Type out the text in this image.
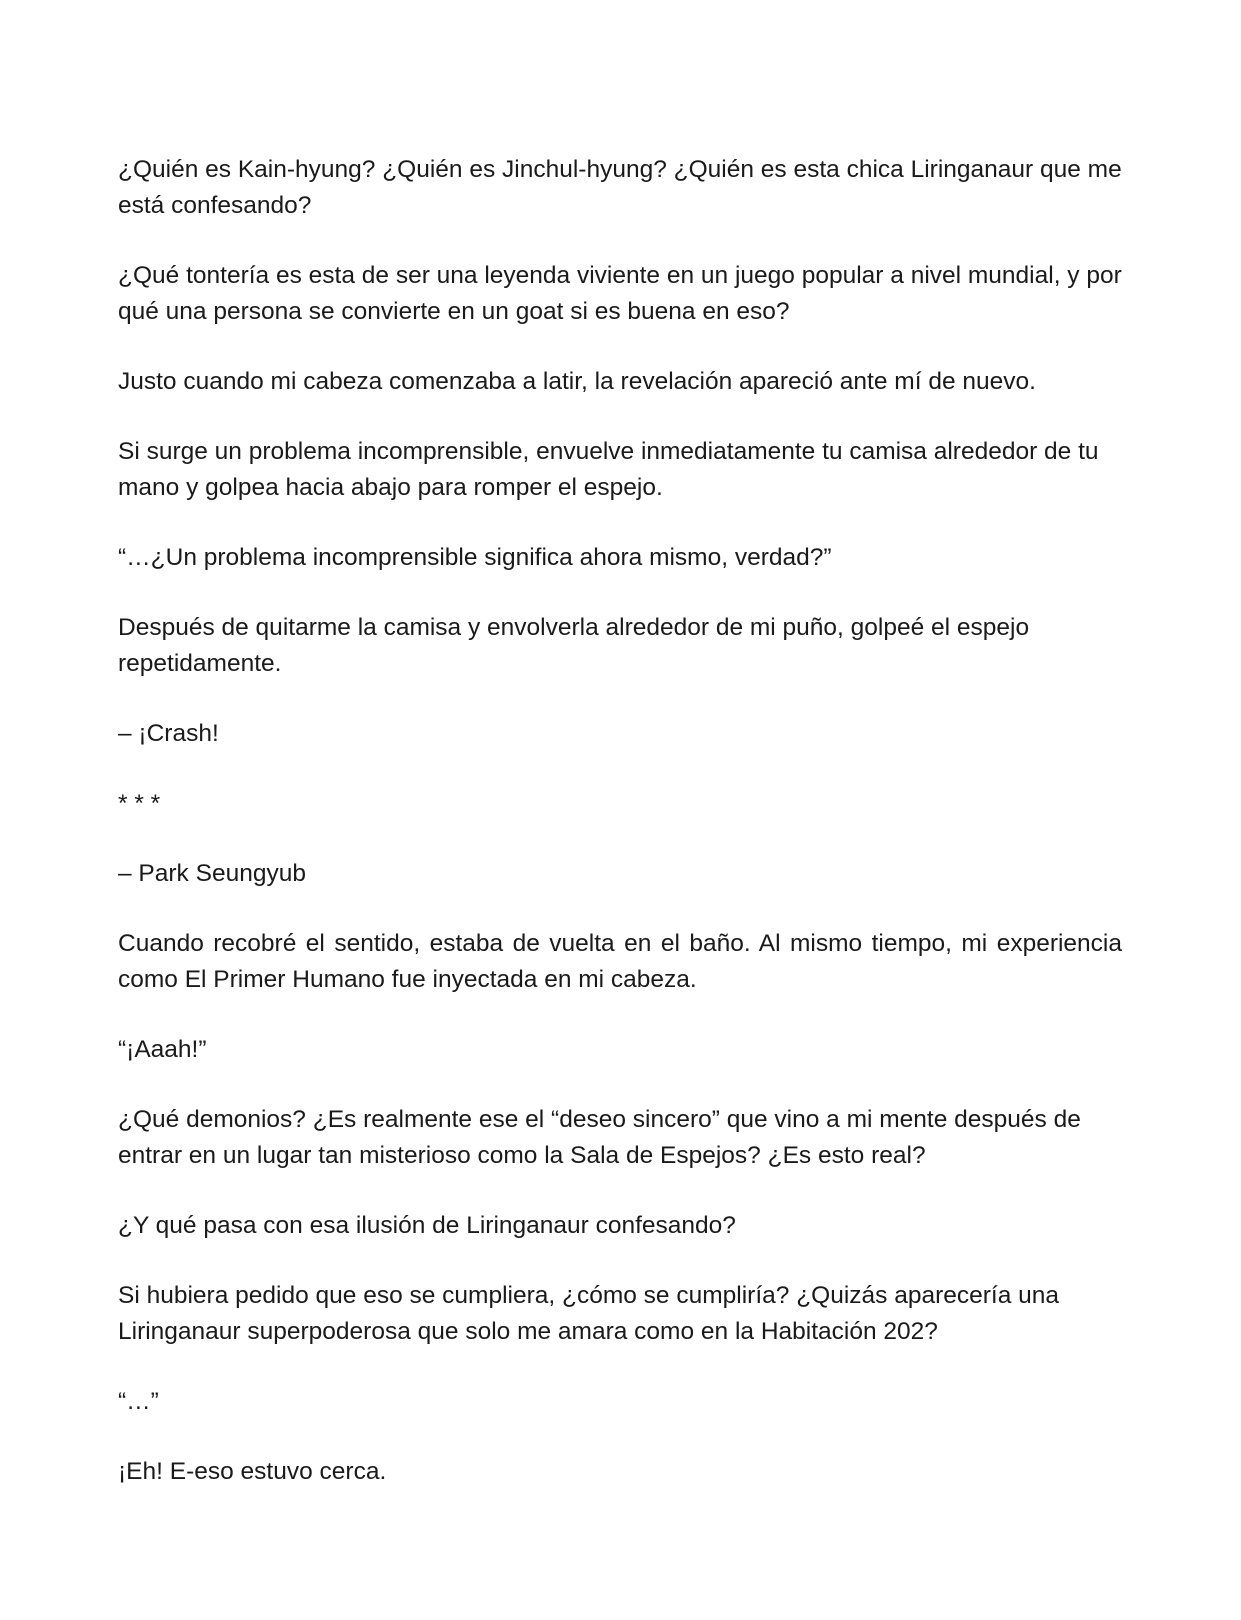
¿Quién es Kain-hyung? ¿Quién es Jinchul-hyung? ¿Quién es esta chica Liringanaur que me está confesando?

¿Qué tontería es esta de ser una leyenda viviente en un juego popular a nivel mundial, y por qué una persona se convierte en un goat si es buena en eso?

Justo cuando mi cabeza comenzaba a latir, la revelación apareció ante mí de nuevo.

Si surge un problema incomprensible, envuelve inmediatamente tu camisa alrededor de tu mano y golpea hacia abajo para romper el espejo.

“…¿Un problema incomprensible significa ahora mismo, verdad?”

Después de quitarme la camisa y envolverla alrededor de mi puño, golpeé el espejo repetidamente.

– ¡Crash!

* * *

– Park Seungyub

Cuando recobré el sentido, estaba de vuelta en el baño. Al mismo tiempo, mi experiencia como El Primer Humano fue inyectada en mi cabeza.

“¡Aaah!”

¿Qué demonios? ¿Es realmente ese el “deseo sincero” que vino a mi mente después de entrar en un lugar tan misterioso como la Sala de Espejos? ¿Es esto real?

¿Y qué pasa con esa ilusión de Liringanaur confesando?

Si hubiera pedido que eso se cumpliera, ¿cómo se cumpliría? ¿Quizás aparecería una Liringanaur superpoderosa que solo me amara como en la Habitación 202?

“…”

¡Eh! E-eso estuvo cerca.
